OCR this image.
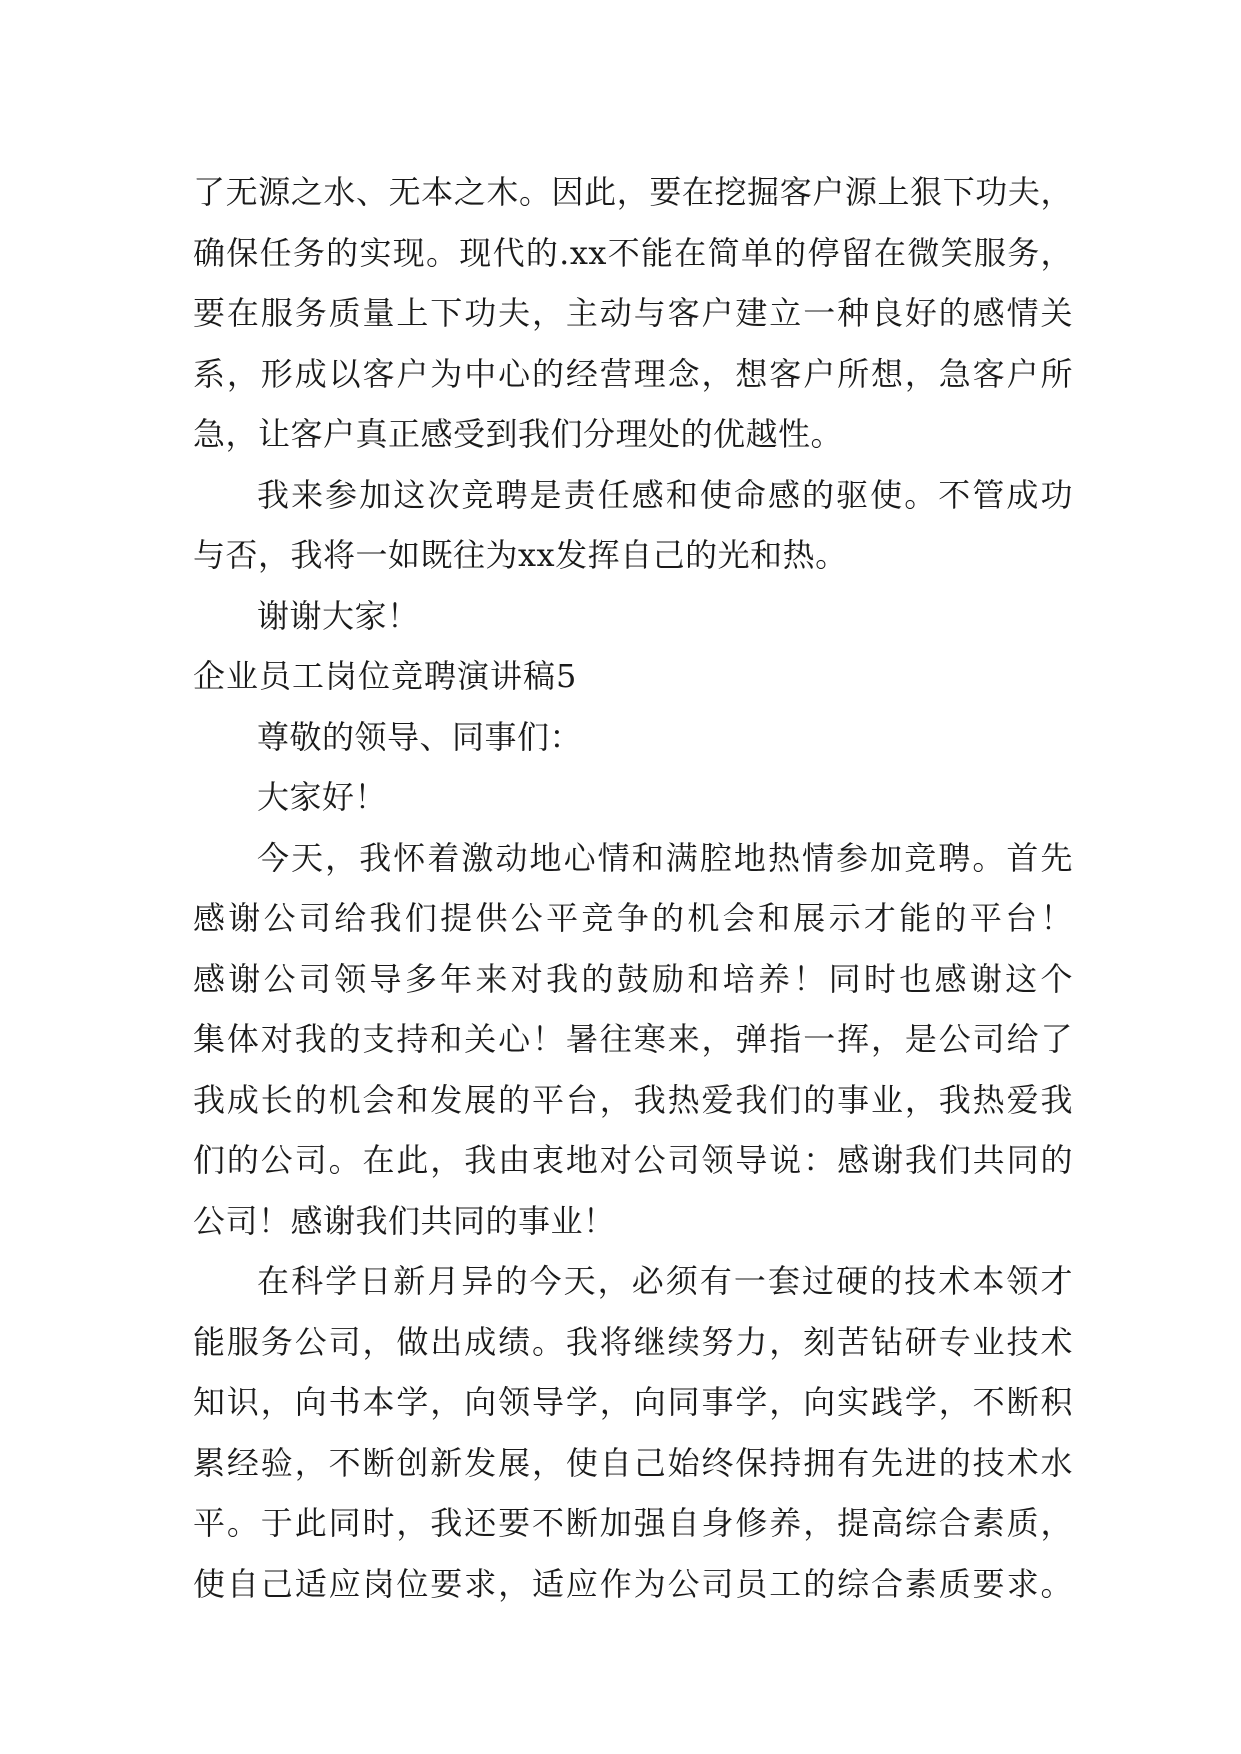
了无源之水、无本之木。因此，要在挖掘客户源上狠下功夫，
确保任务的实现。现代的.xx不能在简单的停留在微笑服务，
要在服务质量上下功夫，主动与客户建立一种良好的感情关
系，形成以客户为中心的经营理念，想客户所想，急客户所
急，让客户真正感受到我们分理处的优越性。
我来参加这次竞聘是责任感和使命感的驱使。不管成功
与否，我将一如既往为xx发挥自己的光和热。
谢谢大家！
企业员工岗位竞聘演讲稿5
尊敬的领导、同事们：
大家好！
今天，我怀着激动地心情和满腔地热情参加竞聘。首先
感谢公司给我们提供公平竞争的机会和展示才能的平台！
感谢公司领导多年来对我的鼓励和培养！同时也感谢这个
集体对我的支持和关心！暑往寒来，弹指一挥，是公司给了
我成长的机会和发展的平台，我热爱我们的事业，我热爱我
们的公司。在此，我由衷地对公司领导说：感谢我们共同的
公司！感谢我们共同的事业！
在科学日新月异的今天，必须有一套过硬的技术本领才
能服务公司，做出成绩。我将继续努力，刻苦钻研专业技术
知识，向书本学，向领导学，向同事学，向实践学，不断积
累经验，不断创新发展，使自己始终保持拥有先进的技术水
平。于此同时，我还要不断加强自身修养，提高综合素质，
使自己适应岗位要求，适应作为公司员工的综合素质要求。
